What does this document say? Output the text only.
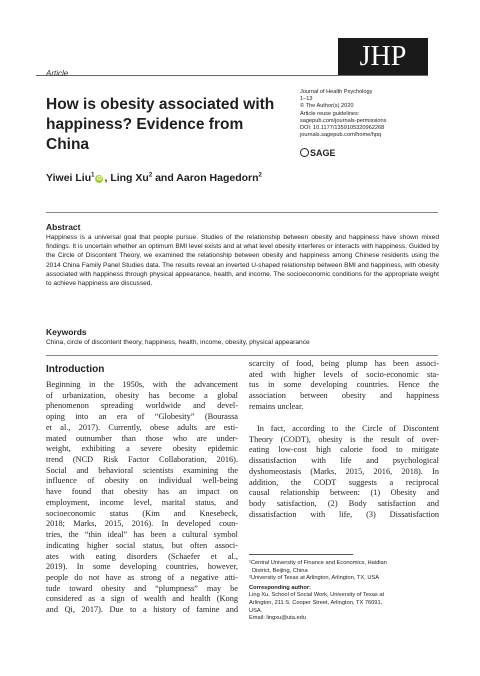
JHP
Article
How is obesity associated with happiness? Evidence from China
Journal of Health Psychology
1–13
© The Author(s) 2020
Article reuse guidelines:
sagepub.com/journals-permissions
DOI: 10.1177/1359105320962268
journals.sagepub.com/home/hpq
SAGE
Yiwei Liu$^1$iD , Ling Xu$^2$ and Aaron Hagedorn$^2$
Abstract

Happiness is a universal goal that people pursue. Studies of the relationship between obesity and happiness have shown mixed findings. It is uncertain whether an optimum BMI level exists and at what level obesity interferes or interacts with happiness. Guided by the Circle of Discontent Theory, we examined the relationship between obesity and happiness among Chinese residents using the 2014 China Family Panel Studies data. The results reveal an inverted U-shaped relationship between BMI and happiness, with obesity associated with happiness through physical appearance, health, and income. The socioeconomic conditions for the appropriate weight to achieve happiness are discussed.

Keywords
China, circle of discontent theory, happiness, health, income, obesity, physical appearance
Introduction
Beginning in the 1950s, with the advancement
of urbanization, obesity has become a global
phenomenon spreading worldwide and devel-
oping into an era of “Globesity” (Bourassa
et al., 2017). Currently, obese adults are esti-
mated outnumber than those who are under-
weight, exhibiting a severe obesity epidemic
trend (NCD Risk Factor Collaboration, 2016).
Social and behavioral scientists examining the
influence of obesity on individual well-being
have found that obesity has an impact on
employment, income level, marital status, and
socioeconomic status (Kim and Knesebeck,
2018; Marks, 2015, 2016). In developed coun-
tries, the “thin ideal” has been a cultural symbol
indicating higher social status, but often associ-
ates with eating disorders (Schaefer et al.,
2019). In some developing countries, however,
people do not have as strong of a negative atti-
tude toward obesity and “plumpness” may be
considered as a sign of wealth and health (Kong
and Qi, 2017). Due to a history of famine and
scarcity of food, being plump has been associ-
ated with higher levels of socio-economic sta-
tus in some developing countries. Hence the
association between obesity and happiness
remains unclear.
In fact, according to the Circle of Discontent
Theory (CODT), obesity is the result of over-
eating low-cost high calorie food to mitigate
dissatisfaction with life and psychological
dyshomeostasis (Marks, 2015, 2016, 2018). In
addition, the CODT suggests a reciprocal
causal relationship between: (1) Obesity and
body satisfaction, (2) Body satisfaction and
dissatisfaction with life, (3) Dissatisfaction
¹Central University of Finance and Economics, Haidian
District, Beijing, China
²University of Texas at Arlington, Arlington, TX, USA
Corresponding author:
Ling Xu, School of Social Work, University of Texas at
Arlington, 211 S. Cooper Street, Arlington, TX 76091,
USA.
Email: lingxu@uta.edu
